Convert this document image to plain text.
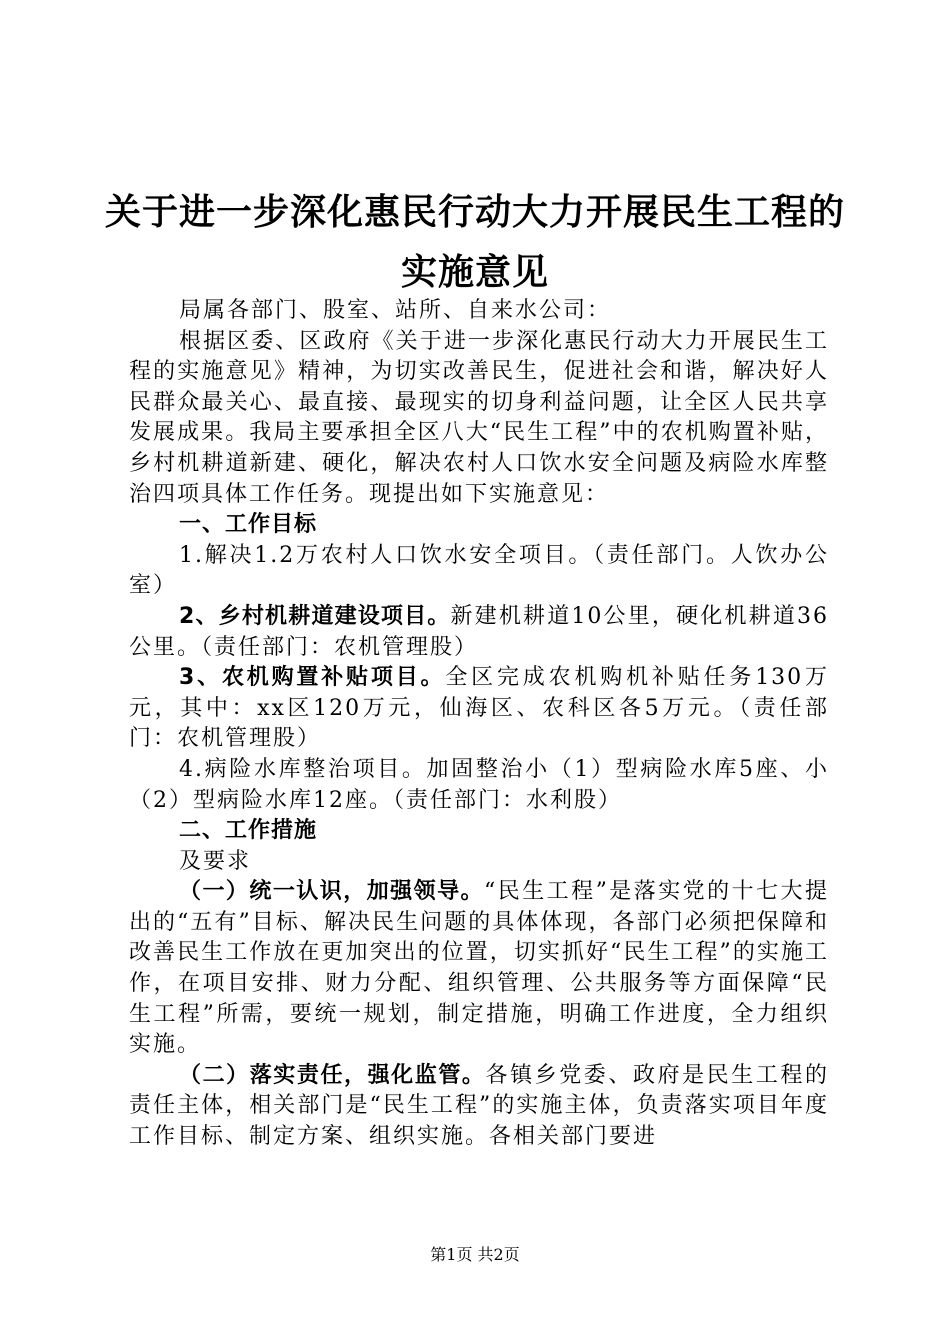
关于进一步深化惠民行动大力开展民生工程的
实施意见

局属各部门、股室、站所、自来水公司：

根据区委、区政府《关于进一步深化惠民行动大力开展民生工程的实施意见》精神，为切实改善民生，促进社会和谐，解决好人民群众最关心、最直接、最现实的切身利益问题，让全区人民共享发展成果。我局主要承担全区八大“民生工程”中的农机购置补贴，乡村机耕道新建、硬化，解决农村人口饮水安全问题及病险水库整治四项具体工作任务。现提出如下实施意见：

一、工作目标

1.解决1.2万农村人口饮水安全项目。（责任部门。人饮办公室）

2、乡村机耕道建设项目。新建机耕道10公里，硬化机耕道36公里。（责任部门：农机管理股）

3、农机购置补贴项目。全区完成农机购机补贴任务130万元，其中：xx区120万元，仙海区、农科区各5万元。（责任部门：农机管理股）

4.病险水库整治项目。加固整治小（1）型病险水库5座、小（2）型病险水库12座。（责任部门：水利股）

二、工作措施

及要求

（一）统一认识，加强领导。“民生工程”是落实党的十七大提出的“五有”目标、解决民生问题的具体体现，各部门必须把保障和改善民生工作放在更加突出的位置，切实抓好“民生工程”的实施工作，在项目安排、财力分配、组织管理、公共服务等方面保障“民生工程”所需，要统一规划，制定措施，明确工作进度，全力组织实施。

（二）落实责任，强化监管。各镇乡党委、政府是民生工程的责任主体，相关部门是“民生工程”的实施主体，负责落实项目年度工作目标、制定方案、组织实施。各相关部门要进

第1页 共2页
